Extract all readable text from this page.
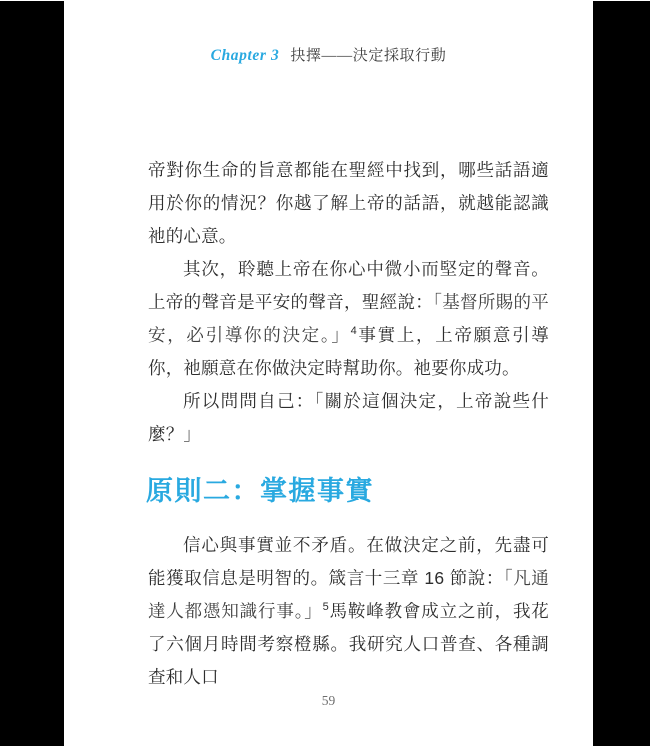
Chapter 3 抉擇——決定採取行動

帝對你生命的旨意都能在聖經中找到，哪些話語適用於你的情況？你越了解上帝的話語，就越能認識祂的心意。

其次，聆聽上帝在你心中微小而堅定的聲音。上帝的聲音是平安的聲音，聖經說：「基督所賜的平安，必引導你的決定。」$^4$事實上，上帝願意引導你，祂願意在你做決定時幫助你。祂要你成功。

所以問問自己：「關於這個決定，上帝說些什麼？」

原則二：掌握事實

信心與事實並不矛盾。在做決定之前，先盡可能獲取信息是明智的。箴言十三章 16 節說：「凡通達人都憑知識行事。」$^5$馬鞍峰教會成立之前，我花了六個月時間考察橙縣。我研究人口普查、各種調查和人口

59
